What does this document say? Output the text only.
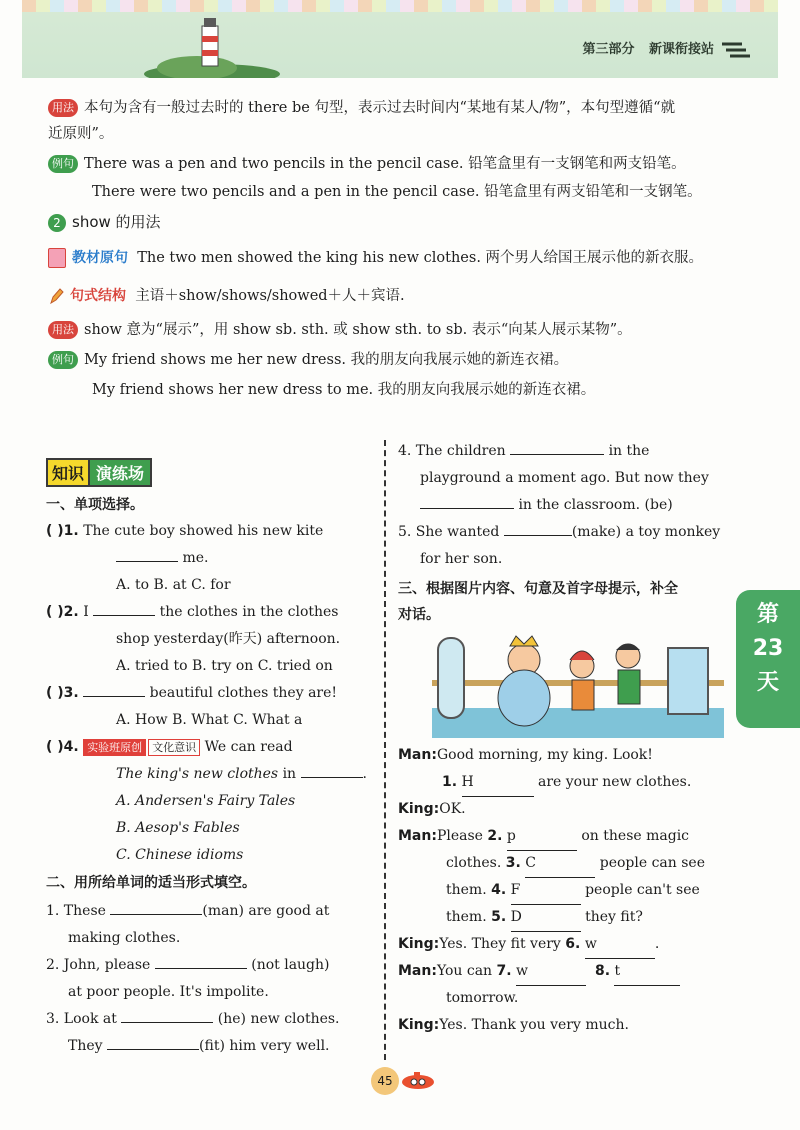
第三部分 新课衔接站
用法 本句为含有一般过去时的 there be 句型，表示过去时间内“某地有某人/物”，本句型遵循“就
近原则”。
例句 There was a pen and two pencils in the pencil case. 铅笔盒里有一支钢笔和两支铅笔。
There were two pencils and a pen in the pencil case. 铅笔盒里有两支铅笔和一支钢笔。
2 show 的用法
教材原句 The two men showed the king his new clothes. 两个男人给国王展示他的新衣服。
句式结构 主语＋show/shows/showed＋人＋宾语.
用法 show 意为“展示”，用 show sb. sth. 或 show sth. to sb. 表示“向某人展示某物”。
例句 My friend shows me her new dress. 我的朋友向我展示她的新连衣裙。
My friend shows her new dress to me. 我的朋友向我展示她的新连衣裙。
知识 演练场
一、单项选择。
( )1. The cute boy showed his new kite
me.
A. to B. at C. for
( )2. I	the clothes in the clothes
shop yesterday(昨天) afternoon.
A. tried to B. try on C. tried on
( )3.	beautiful clothes they are!
A. How B. What C. What a
( )4. 实验班原创 文化意识 We can read
The king's new clothes in	.
A. Andersen's Fairy Tales
B. Aesop's Fables
C. Chinese idioms
二、用所给单词的适当形式填空。
1. These	(man) are good at
making clothes.
2. John, please	(not laugh)
at poor people. It's impolite.
3. Look at	(he) new clothes.
They	(fit) him very well.
4. The children	in the
playground a moment ago. But now they
in the classroom. (be)
5. She wanted	(make) a toy monkey
for her son.
三、根据图片内容、句意及首字母提示，补全
对话。
Man:Good morning, my king. Look!
1. H	are your new clothes.
King:OK.
Man:Please 2. p	on these magic
clothes. 3. C	people can see
them. 4. F	people can't see
them. 5. D	they fit?
King:Yes. They fit very 6. w	.
Man:You can 7. w	8. t
tomorrow.
King:Yes. Thank you very much.
第
23
天
45
